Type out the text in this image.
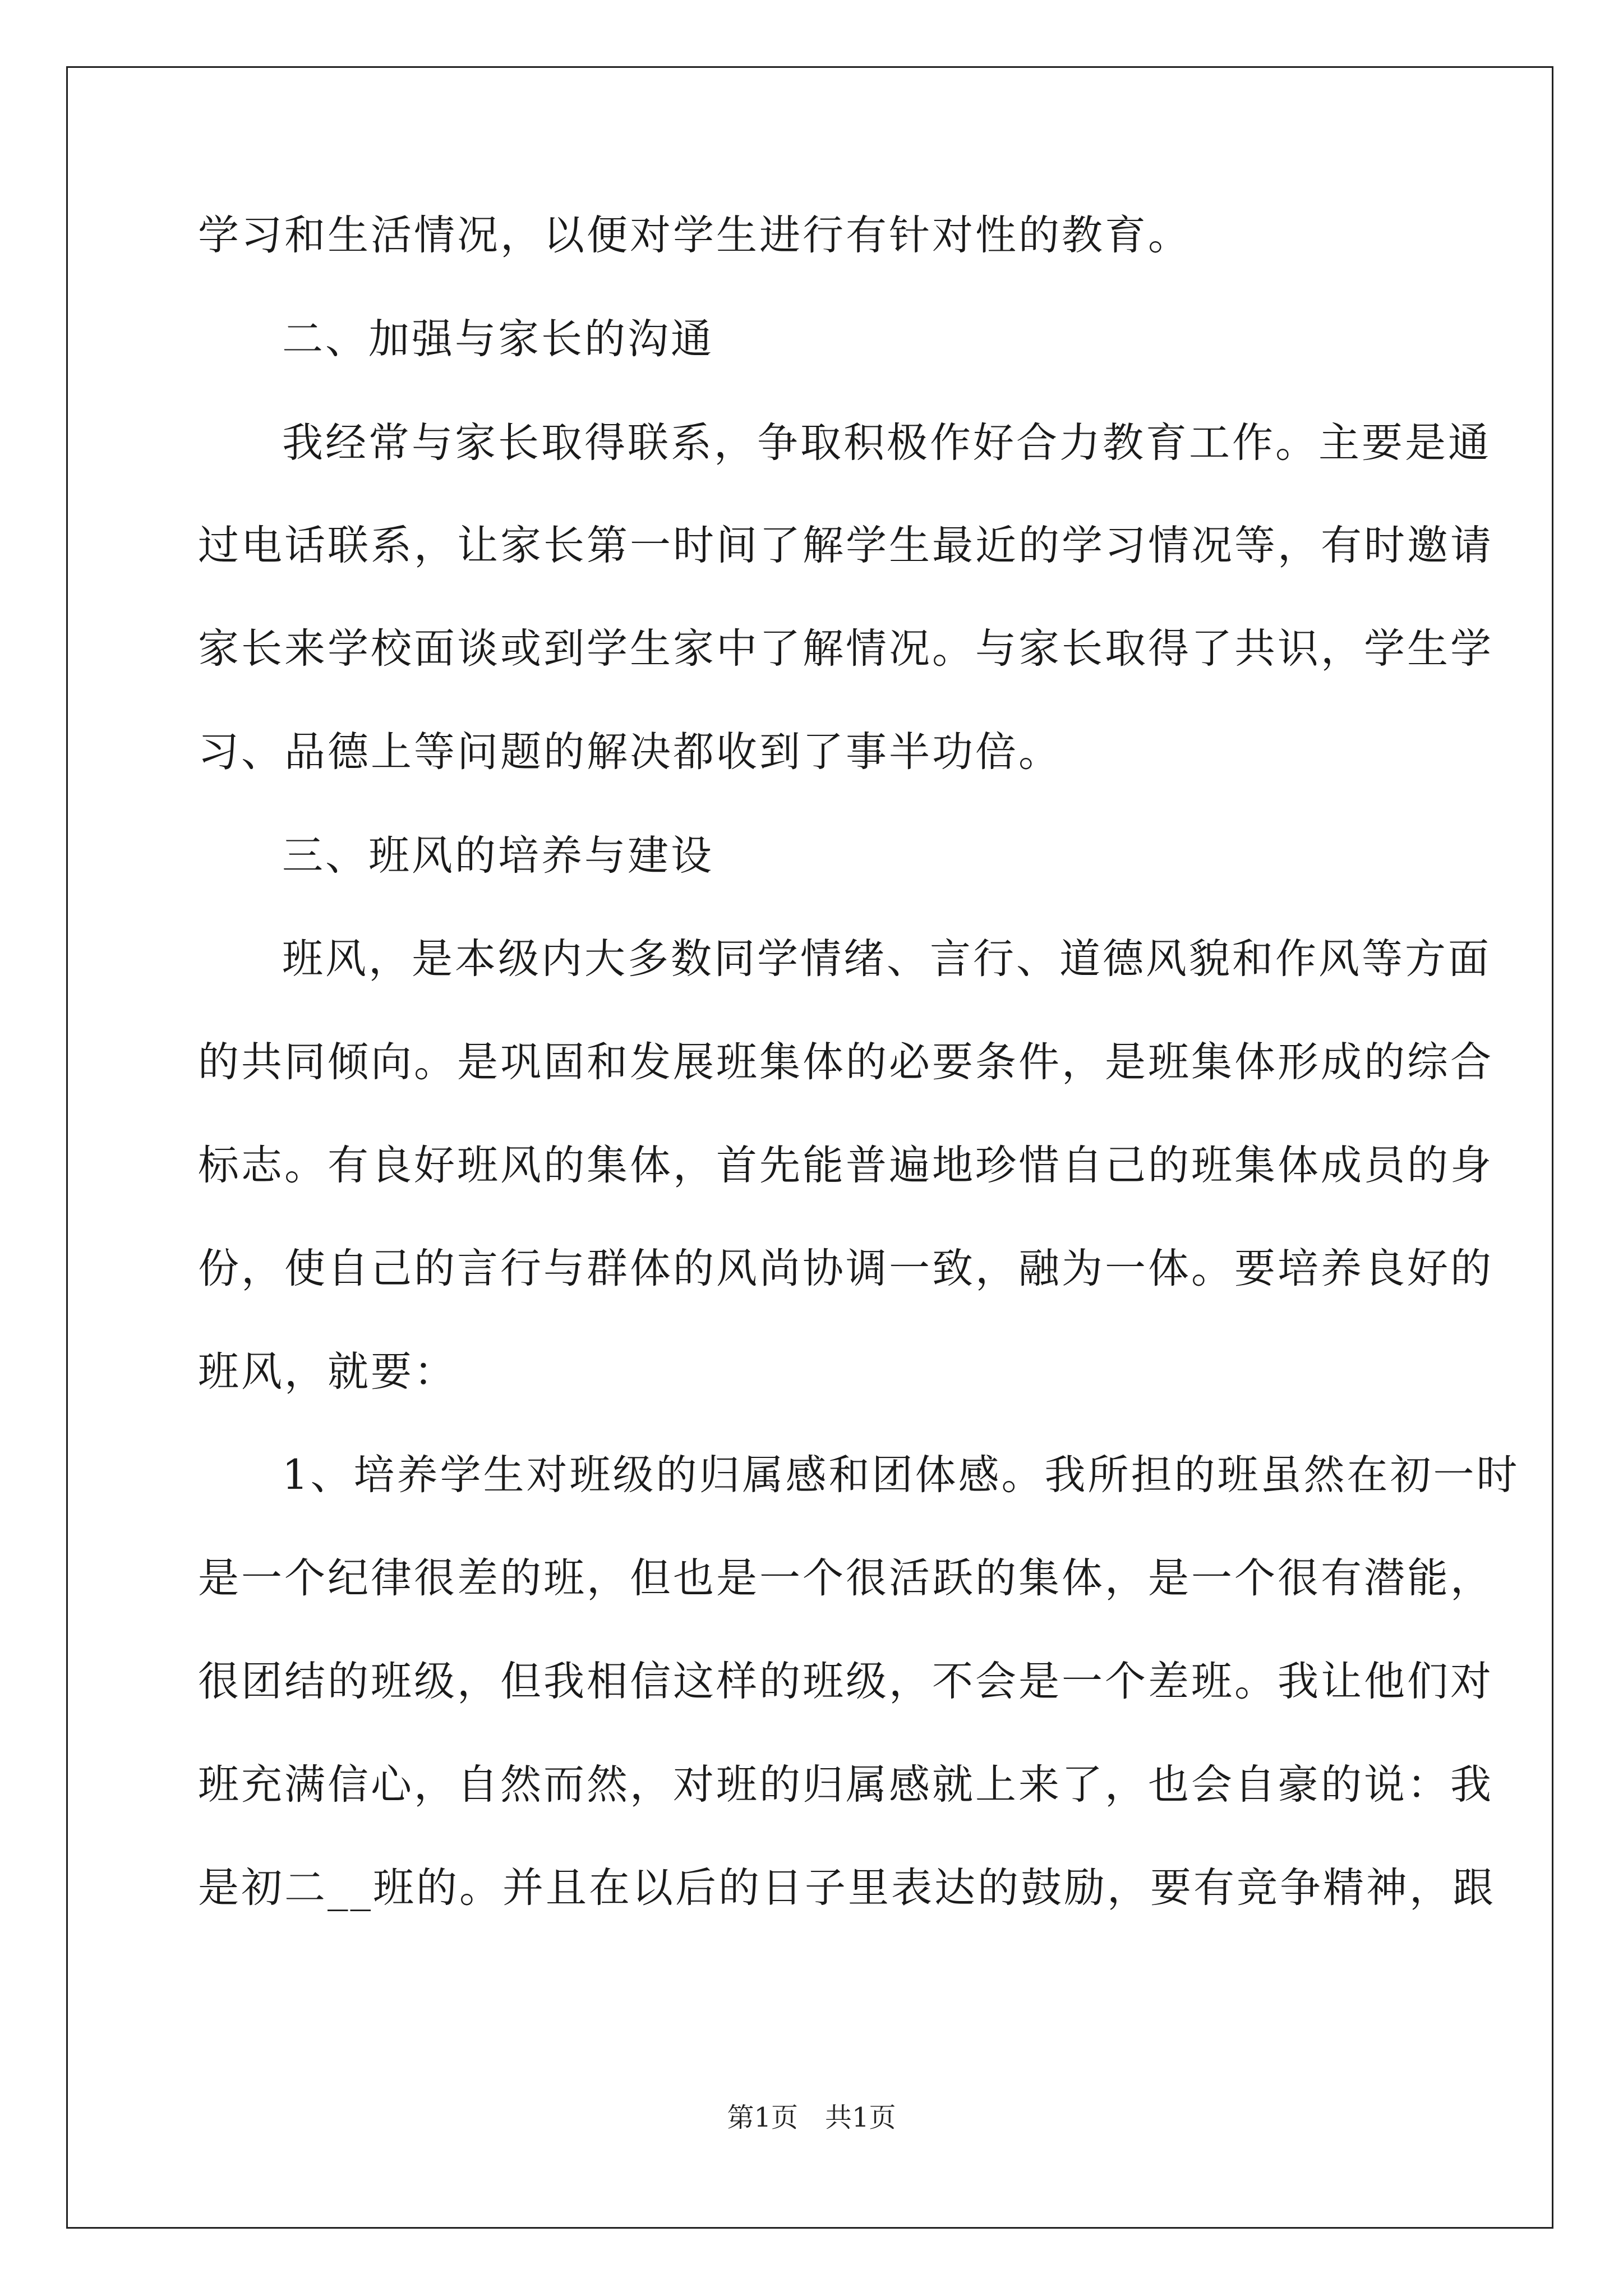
学习和生活情况，以便对学生进行有针对性的教育。
二、加强与家长的沟通
我经常与家长取得联系，争取积极作好合力教育工作。主要是通
过电话联系，让家长第一时间了解学生最近的学习情况等，有时邀请
家长来学校面谈或到学生家中了解情况。与家长取得了共识，学生学
习、品德上等问题的解决都收到了事半功倍。
三、班风的培养与建设
班风，是本级内大多数同学情绪、言行、道德风貌和作风等方面
的共同倾向。是巩固和发展班集体的必要条件，是班集体形成的综合
标志。有良好班风的集体，首先能普遍地珍惜自己的班集体成员的身
份，使自己的言行与群体的风尚协调一致，融为一体。要培养良好的
班风，就要：
1、培养学生对班级的归属感和团体感。我所担的班虽然在初一时
是一个纪律很差的班，但也是一个很活跃的集体，是一个很有潜能，
很团结的班级，但我相信这样的班级，不会是一个差班。我让他们对
班充满信心，自然而然，对班的归属感就上来了，也会自豪的说：我
是初二__班的。并且在以后的日子里表达的鼓励，要有竞争精神，跟
第1页　共1页
